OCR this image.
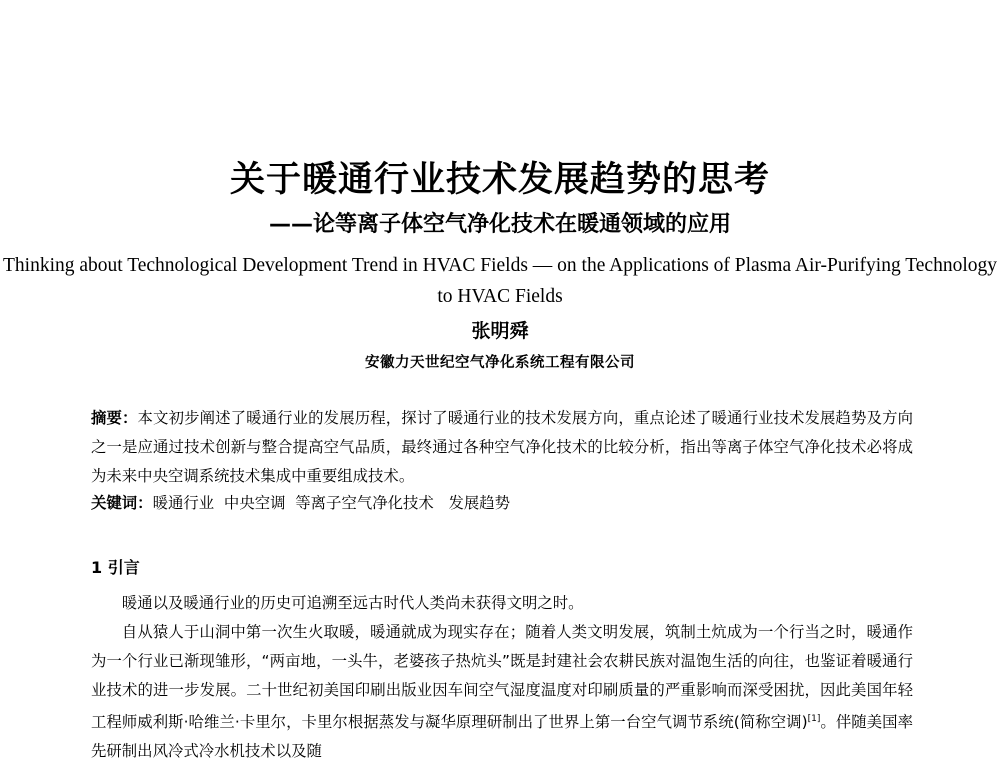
关于暖通行业技术发展趋势的思考
——论等离子体空气净化技术在暖通领域的应用
Thinking about Technological Development Trend in HVAC Fields — on the Applications of Plasma Air-Purifying Technology to HVAC Fields
张明舜
安徽力天世纪空气净化系统工程有限公司
摘要：本文初步阐述了暖通行业的发展历程，探讨了暖通行业的技术发展方向，重点论述了暖通行业技术发展趋势及方向之一是应通过技术创新与整合提高空气品质，最终通过各种空气净化技术的比较分析，指出等离子体空气净化技术必将成为未来中央空调系统技术集成中重要组成技术。
关键词：暖通行业  中央空调  等离子空气净化技术   发展趋势
1 引言

暖通以及暖通行业的历史可追溯至远古时代人类尚未获得文明之时。

自从猿人于山洞中第一次生火取暖，暖通就成为现实存在；随着人类文明发展，筑制土炕成为一个行当之时，暖通作为一个行业已渐现雏形，“两亩地，一头牛，老婆孩子热炕头”既是封建社会农耕民族对温饱生活的向往，也鉴证着暖通行业技术的进一步发展。二十世纪初美国印刷出版业因车间空气湿度温度对印刷质量的严重影响而深受困扰，因此美国年轻工程师威利斯·哈维兰·卡里尔，卡里尔根据蒸发与凝华原理研制出了世界上第一台空气调节系统(简称空调)[1]。伴随美国率先研制出风冷式冷水机技术以及随
